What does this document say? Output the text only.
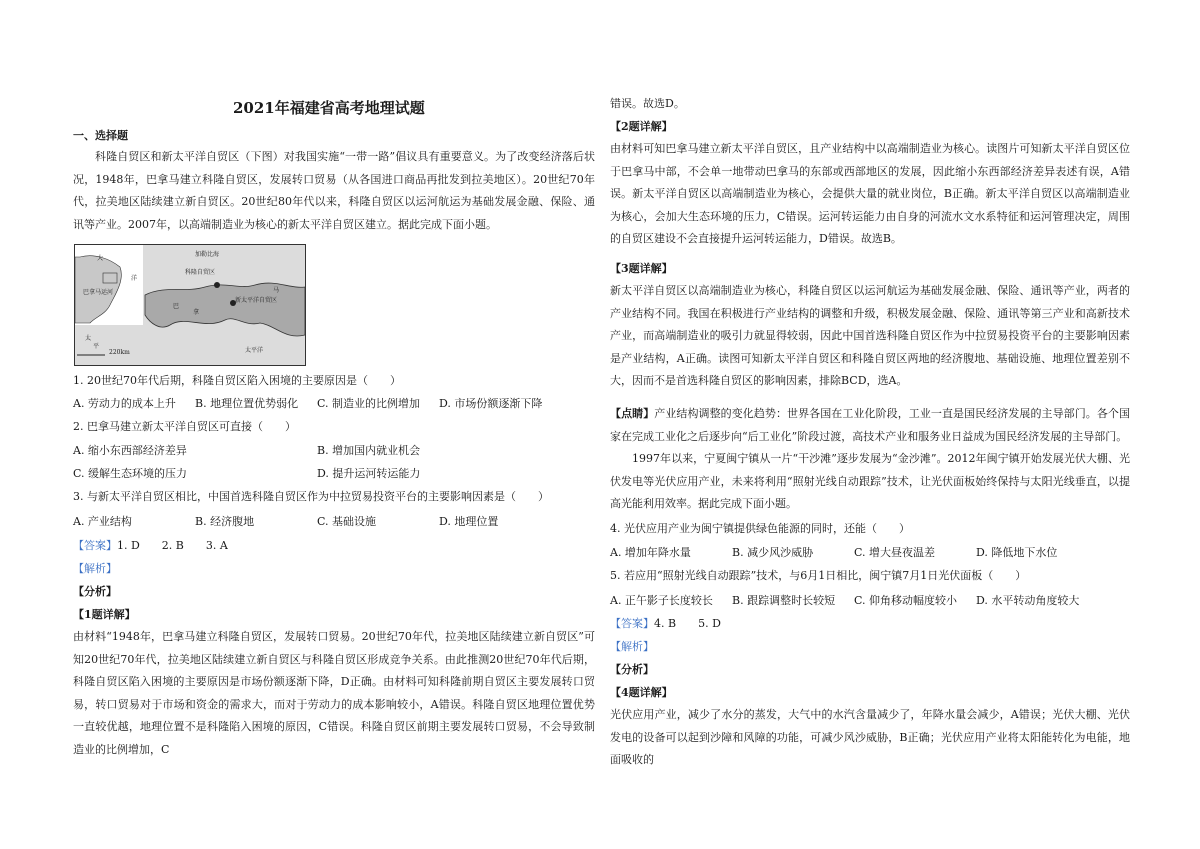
2021年福建省高考地理试题
一、选择题
科隆自贸区和新太平洋自贸区（下图）对我国实施“一带一路”倡议具有重要意义。为了改变经济落后状况，1948年，巴拿马建立科隆自贸区，发展转口贸易（从各国进口商品再批发到拉美地区）。20世纪70年代，拉美地区陆续建立新自贸区。20世纪80年代以来，科隆自贸区以运河航运为基础发展金融、保险、通讯等产业。2007年，以高端制造业为核心的新太平洋自贸区建立。据此完成下面小题。
加勒比海
科隆自贸区
巴拿马运河
新太平洋自贸区
太平洋
220km
太
平
巴
拿
马
大
洋
1. 20世纪70年代后期，科隆自贸区陷入困境的主要原因是（　　）
A. 劳动力的成本上升 B. 地理位置优势弱化 C. 制造业的比例增加 D. 市场份额逐渐下降
2. 巴拿马建立新太平洋自贸区可直接（　　）
A. 缩小东西部经济差异	B. 增加国内就业机会
C. 缓解生态环境的压力	D. 提升运河转运能力
3. 与新太平洋自贸区相比，中国首选科隆自贸区作为中拉贸易投资平台的主要影响因素是（　　）
A. 产业结构	B. 经济腹地	C. 基础设施	D. 地理位置
【答案】1. D　　2. B　　3. A
【解析】
【分析】
【1题详解】
由材料“1948年，巴拿马建立科隆自贸区，发展转口贸易。20世纪70年代，拉美地区陆续建立新自贸区”可知20世纪70年代，拉美地区陆续建立新自贸区与科隆自贸区形成竞争关系。由此推测20世纪70年代后期，科隆自贸区陷入困境的主要原因是市场份额逐渐下降，D正确。由材料可知科隆前期自贸区主要发展转口贸易，转口贸易对于市场和资金的需求大，而对于劳动力的成本影响较小，A错误。科隆自贸区地理位置优势一直较优越，地理位置不是科隆陷入困境的原因，C错误。科隆自贸区前期主要发展转口贸易，不会导致制造业的比例增加，C
错误。故选D。
【2题详解】
由材料可知巴拿马建立新太平洋自贸区，且产业结构中以高端制造业为核心。读图片可知新太平洋自贸区位于巴拿马中部，不会单一地带动巴拿马的东部或西部地区的发展，因此缩小东西部经济差异表述有误，A错误。新太平洋自贸区以高端制造业为核心，会提供大量的就业岗位，B正确。新太平洋自贸区以高端制造业为核心，会加大生态环境的压力，C错误。运河转运能力由自身的河流水文水系特征和运河管理决定，周围的自贸区建设不会直接提升运河转运能力，D错误。故选B。
【3题详解】
新太平洋自贸区以高端制造业为核心，科隆自贸区以运河航运为基础发展金融、保险、通讯等产业，两者的产业结构不同。我国在积极进行产业结构的调整和升级，积极发展金融、保险、通讯等第三产业和高新技术产业，而高端制造业的吸引力就显得较弱，因此中国首选科隆自贸区作为中拉贸易投资平台的主要影响因素是产业结构，A正确。读图可知新太平洋自贸区和科隆自贸区两地的经济腹地、基础设施、地理位置差别不大，因而不是首选科隆自贸区的影响因素，排除BCD，选A。
【点睛】产业结构调整的变化趋势：世界各国在工业化阶段，工业一直是国民经济发展的主导部门。各个国家在完成工业化之后逐步向“后工业化”阶段过渡，高技术产业和服务业日益成为国民经济发展的主导部门。
1997年以来，宁夏闽宁镇从一片“干沙滩”逐步发展为“金沙滩”。2012年闽宁镇开始发展光伏大棚、光伏发电等光伏应用产业，未来将利用“照射光线自动跟踪”技术，让光伏面板始终保持与太阳光线垂直，以提高光能利用效率。据此完成下面小题。
4. 光伏应用产业为闽宁镇提供绿色能源的同时，还能（　　）
A. 增加年降水量	B. 减少风沙威胁	C. 增大昼夜温差	D. 降低地下水位
5. 若应用“照射光线自动跟踪”技术，与6月1日相比，闽宁镇7月1日光伏面板（　　）
A. 正午影子长度较长 B. 跟踪调整时长较短 C. 仰角移动幅度较小 D. 水平转动角度较大
【答案】4. B　　5. D
【解析】
【分析】
【4题详解】
光伏应用产业，减少了水分的蒸发，大气中的水汽含量减少了，年降水量会减少，A错误；光伏大棚、光伏发电的设备可以起到沙障和风障的功能，可减少风沙威胁，B正确；光伏应用产业将太阳能转化为电能，地面吸收的
